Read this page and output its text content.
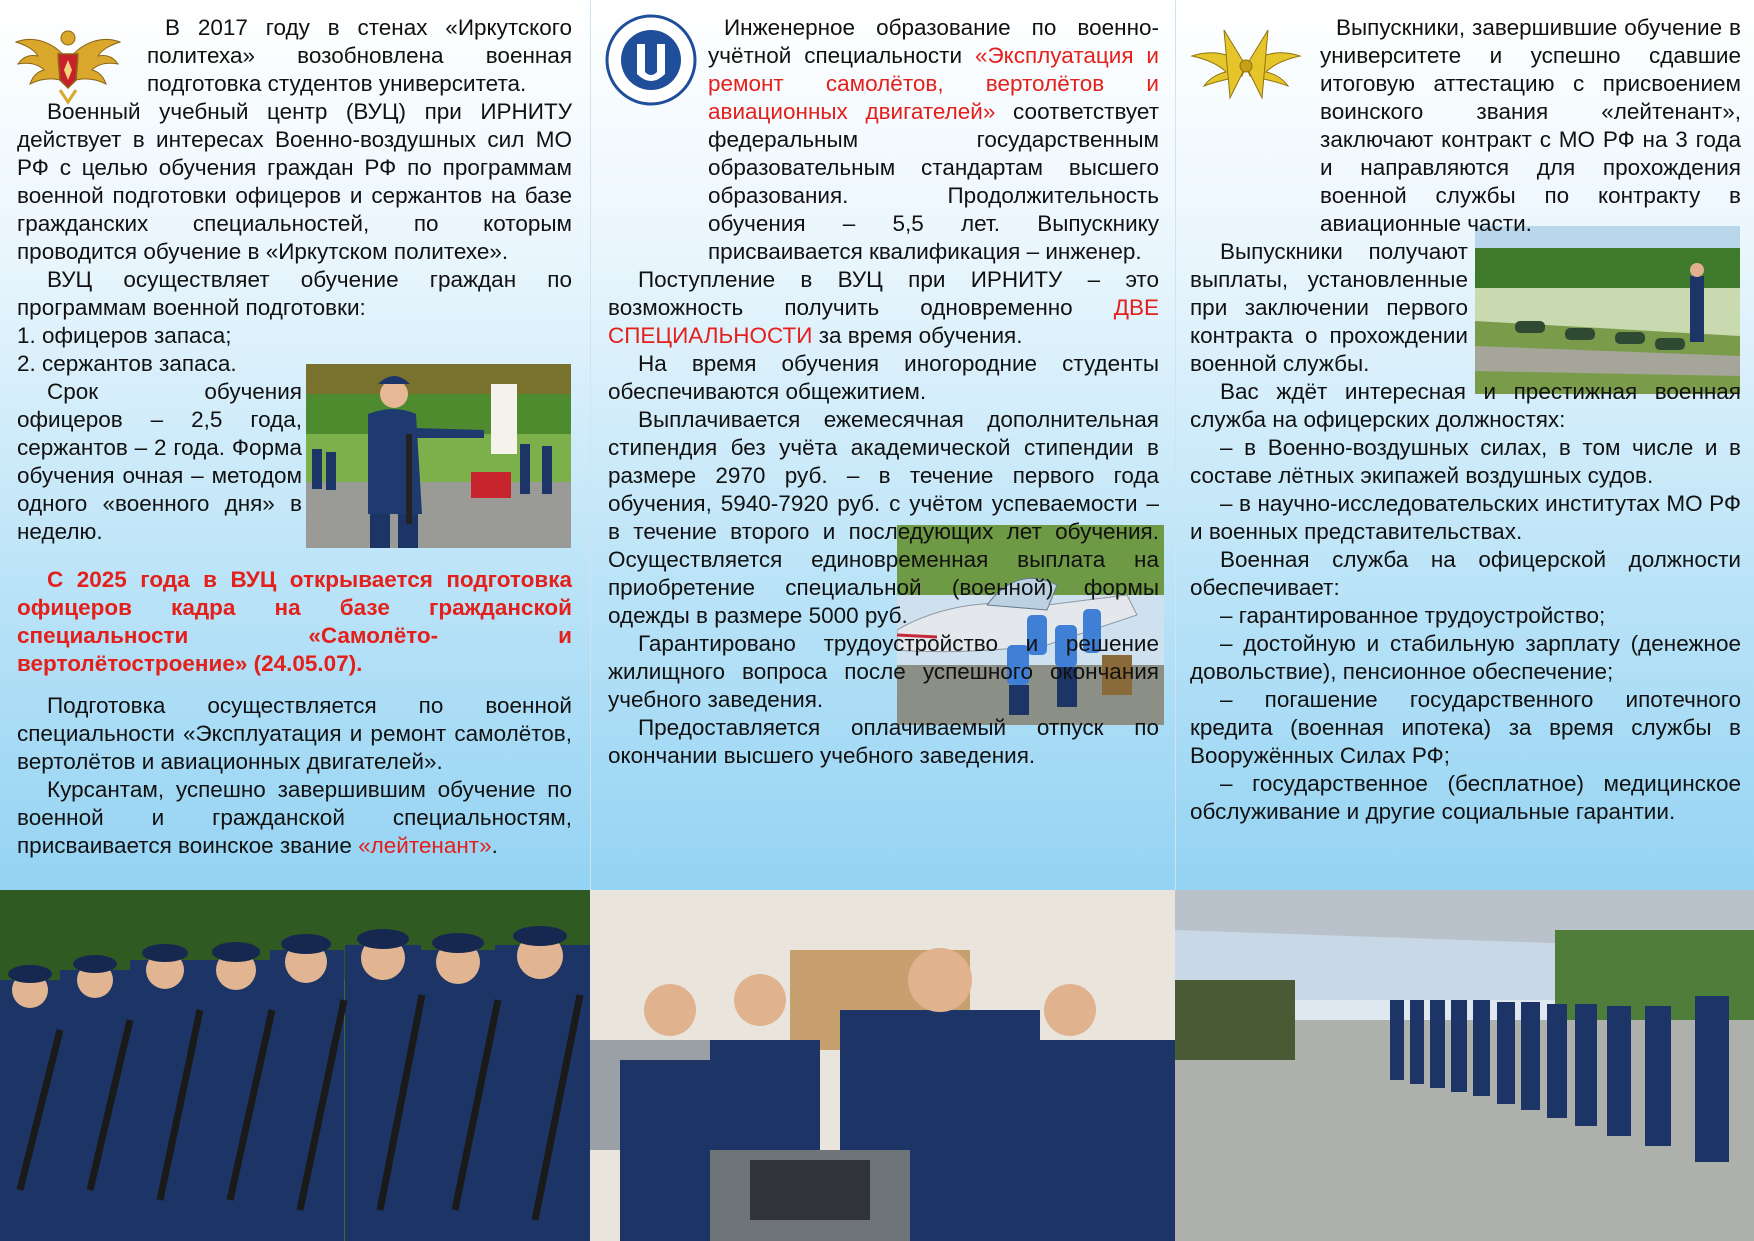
В 2017 году в стенах «Иркутского политеха» возобновлена военная подготовка студентов университета.

Военный учебный центр (ВУЦ) при ИРНИТУ действует в интересах Военно-воздушных сил МО РФ с целью обучения граждан РФ по программам военной подготовки офицеров и сержантов на базе гражданских специальностей, по которым проводится обучение в «Иркутском политехе».

ВУЦ осуществляет обучение граждан по программам военной подготовки:

1. офицеров запаса;

2. сержантов запаса.

Срок обучения офицеров – 2,5 года, сержантов – 2 года. Форма обучения очная – методом одного «военного дня» в неделю.

С 2025 года в ВУЦ открывается подготовка офицеров кадра на базе гражданской специальности «Самолёто- и вертолётостроение» (24.05.07).

Подготовка осуществляется по военной специальности «Эксплуатация и ремонт самолётов, вертолётов и авиационных двигателей».

Курсантам, успешно завершившим обучение по военной и гражданской специальностям, присваивается воинское звание «лейтенант».

Инженерное образование по военно-учётной специальности «Эксплуатация и ремонт самолётов, вертолётов и авиационных двигателей» соответствует федеральным государственным образовательным стандартам высшего образования. Продолжительность обучения – 5,5 лет. Выпускнику присваивается квалификация – инженер.

Поступление в ВУЦ при ИРНИТУ – это возможность получить одновременно ДВЕ СПЕЦИАЛЬНОСТИ за время обучения.

На время обучения иногородние студенты обеспечиваются общежитием.

Выплачивается ежемесячная дополнительная стипендия без учёта академической стипендии в размере 2970 руб. – в течение первого года обучения, 5940-7920 руб. с учётом успеваемости – в течение второго и последующих лет обучения. Осуществляется единовременная выплата на приобретение специальной (военной) формы одежды в размере 5000 руб.

Гарантировано трудоустройство и решение жилищного вопроса после успешного окончания учебного заведения.

Предоставляется оплачиваемый отпуск по окончании высшего учебного заведения.

Выпускники, завершившие обучение в университете и успешно сдавшие итоговую аттестацию с присвоением воинского звания «лейтенант», заключают контракт с МО РФ на 3 года и направляются для прохождения военной службы по контракту в авиационные части.

Выпускники получают выплаты, установленные при заключении первого контракта о прохождении военной службы.

Вас ждёт интересная и престижная военная служба на офицерских должностях:

– в Военно-воздушных силах, в том числе и в составе лётных экипажей воздушных судов.

– в научно-исследовательских институтах МО РФ и военных представительствах.

Военная служба на офицерской должности обеспечивает:

– гарантированное трудоустройство;

– достойную и стабильную зарплату (денежное довольствие), пенсионное обеспечение;

– погашение государственного ипотечного кредита (военная ипотека) за время службы в Вооружённых Силах РФ;

– государственное (бесплатное) медицинское обслуживание и другие социальные гарантии.
